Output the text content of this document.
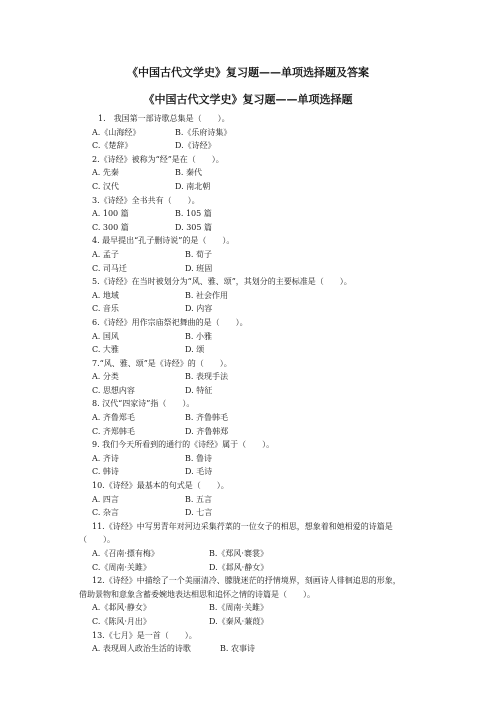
《中国古代文学史》复习题——单项选择题及答案
《中国古代文学史》复习题——单项选择题
1.　我国第一部诗歌总集是（　　）。
A.《山海经》	B.《乐府诗集》
C.《楚辞》	D.《诗经》
2.《诗经》被称为“经”是在（　　）。
A. 先秦	B. 秦代
C. 汉代	D. 南北朝
3.《诗经》全书共有（　　）。
A. 100 篇	B. 105 篇
C. 300 篇	D. 305 篇
4. 最早提出“孔子删诗说”的是（　　）。
A. 孟子	B. 荀子
C. 司马迁	D. 班固
5.《诗经》在当时被划分为“风、雅、颂”，其划分的主要标准是（　　）。
A. 地域	B. 社会作用
C. 音乐	D. 内容
6.《诗经》用作宗庙祭祀舞曲的是（　　）。
A. 国风	B. 小雅
C. 大雅	D. 颂
7.“风、雅、颂”是《诗经》的（　　）。
A. 分类	B. 表现手法
C. 思想内容	D. 特征
8. 汉代“四家诗”指（　　）。
A. 齐鲁郑毛	B. 齐鲁韩毛
C. 齐郑韩毛	D. 齐鲁韩郑
9. 我们今天所看到的通行的《诗经》属于（　　）。
A. 齐诗	B. 鲁诗
C. 韩诗	D. 毛诗
10.《诗经》最基本的句式是（　　）。
A. 四言	B. 五言
C. 杂言	D. 七言
11.《诗经》中写男青年对河边采集荇菜的一位女子的相思，想象着和她相爱的诗篇是
（　　）。
A.《召南·摽有梅》	B.《郑风·褰裳》
C.《周南·关雎》	D.《邶风·静女》
12.《诗经》中描绘了一个美丽清冷、朦胧迷茫的抒情境界，刻画诗人徘徊追思的形象，
借助景物和意象含蓄委婉地表达相思和追怀之情的诗篇是（　　）。
A.《邶风·静女》	B.《周南·关雎》
C.《陈风·月出》	D.《秦风·蒹葭》
13.《七月》是一首（　　）。
A. 表现周人政治生活的诗歌	B. 农事诗
